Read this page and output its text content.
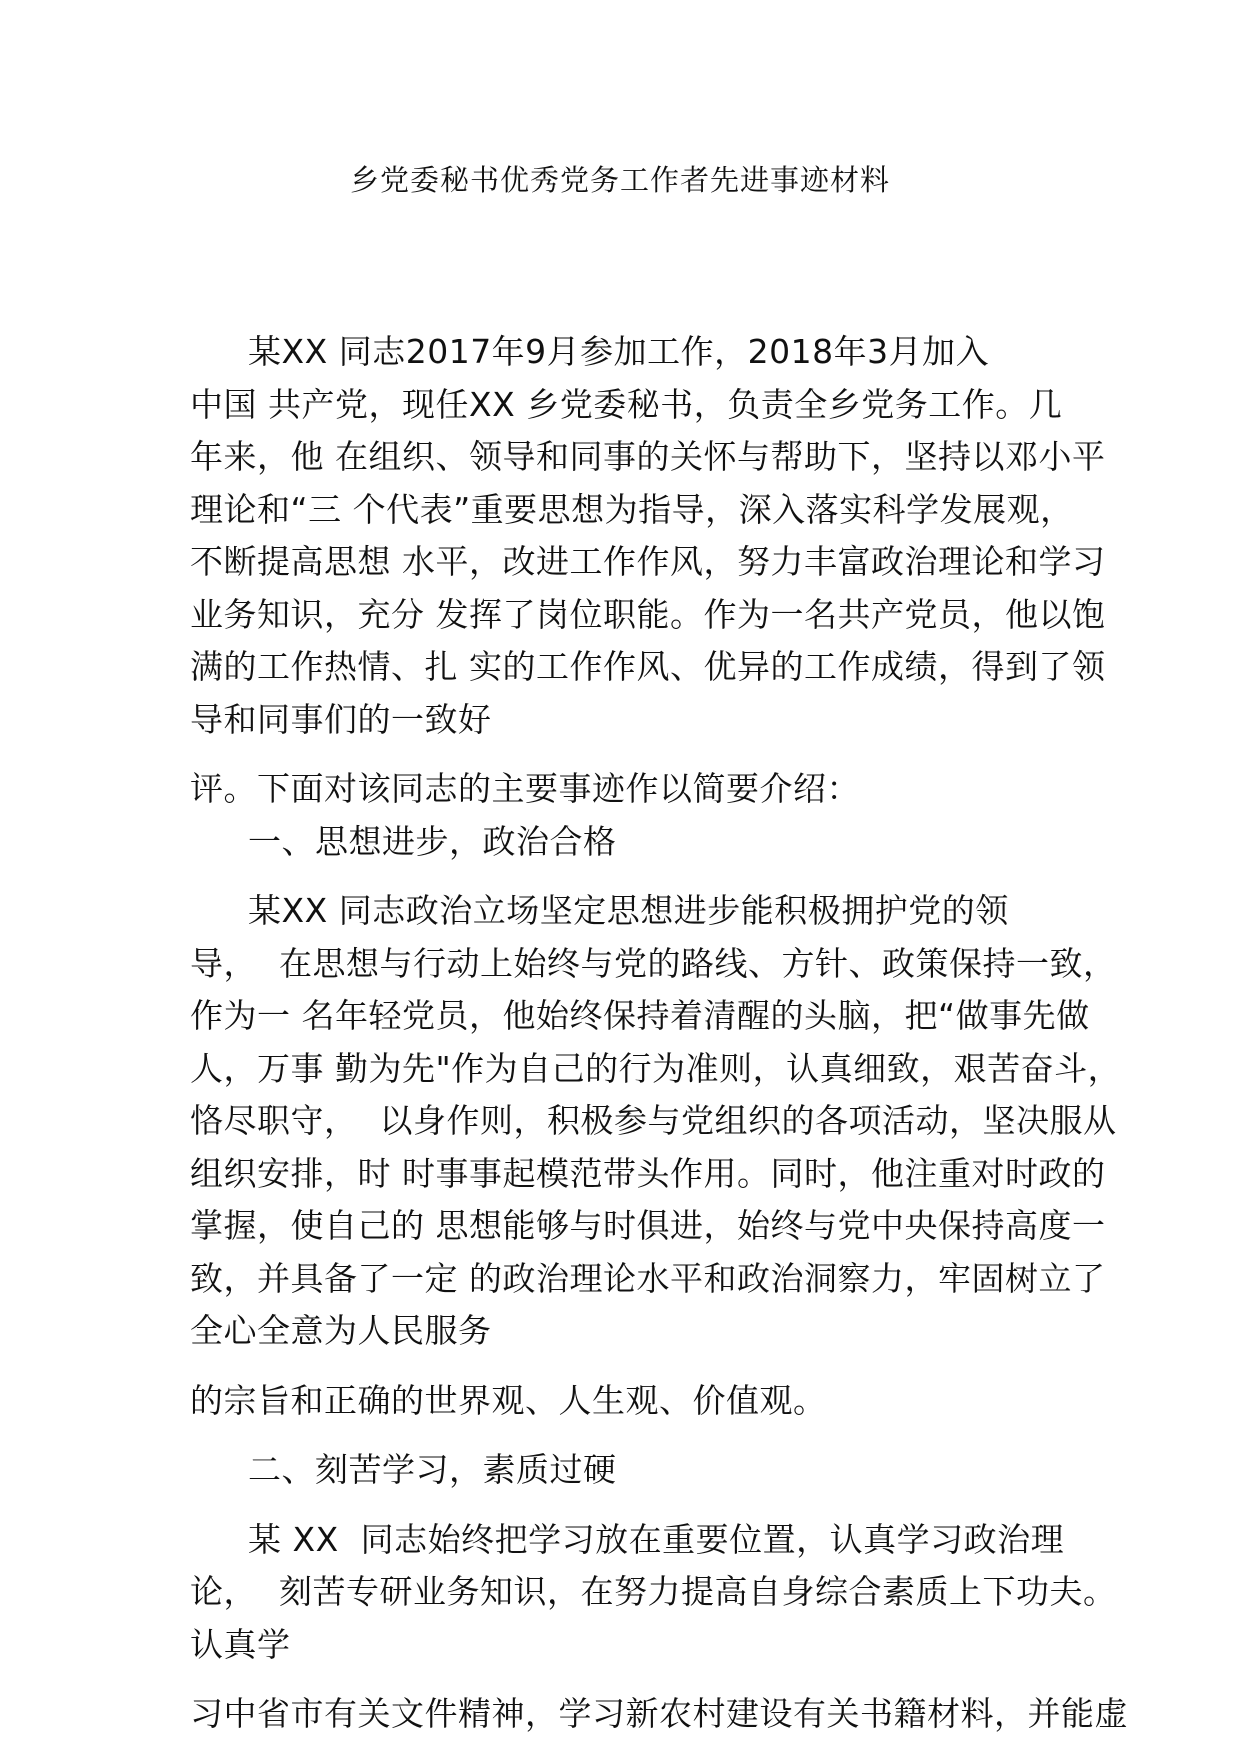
乡党委秘书优秀党务工作者先进事迹材料
某XX 同志2017年9月参加工作，2018年3月加入
中国 共产党，现任XX 乡党委秘书，负责全乡党务工作。几
年来，他 在组织、领导和同事的关怀与帮助下，坚持以邓小平
理论和“三 个代表”重要思想为指导，深入落实科学发展观，
不断提高思想 水平，改进工作作风，努力丰富政治理论和学习
业务知识，充分 发挥了岗位职能。作为一名共产党员，他以饱
满的工作热情、扎 实的工作作风、优异的工作成绩，得到了领
导和同事们的一致好
评。下面对该同志的主要事迹作以简要介绍：
一、思想进步，政治合格
某XX 同志政治立场坚定思想进步能积极拥护党的领
导，  在思想与行动上始终与党的路线、方针、政策保持一致，
作为一 名年轻党员，他始终保持着清醒的头脑，把“做事先做
人，万事 勤为先"作为自己的行为准则，认真细致，艰苦奋斗，
恪尽职守，  以身作则，积极参与党组织的各项活动，坚决服从
组织安排，时 时事事起模范带头作用。同时，他注重对时政的
掌握，使自己的 思想能够与时俱进，始终与党中央保持高度一
致，并具备了一定 的政治理论水平和政治洞察力，牢固树立了
全心全意为人民服务
的宗旨和正确的世界观、人生观、价值观。
二、刻苦学习，素质过硬
某 XX  同志始终把学习放在重要位置，认真学习政治理
论，  刻苦专研业务知识，在努力提高自身综合素质上下功夫。
认真学
习中省市有关文件精神，学习新农村建设有关书籍材料，并能虚
